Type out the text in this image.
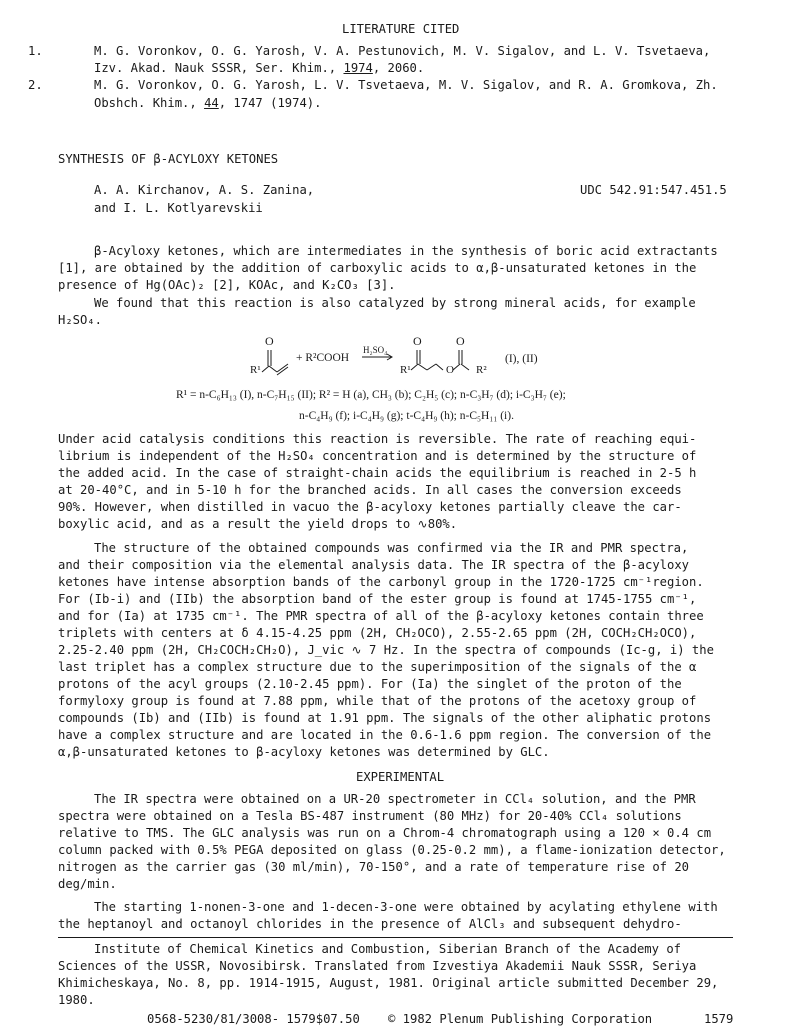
LITERATURE CITED
1.	M. G. Voronkov, O. G. Yarosh, V. A. Pestunovich, M. V. Sigalov, and L. V. Tsvetaeva,
Izv. Akad. Nauk SSSR, Ser. Khim., 1974, 2060.
2.	M. G. Voronkov, O. G. Yarosh, L. V. Tsvetaeva, M. V. Sigalov, and R. A. Gromkova, Zh.
Obshch. Khim., 44, 1747 (1974).
SYNTHESIS OF β-ACYLOXY KETONES
A. A. Kirchanov, A. S. Zanina,
and I. L. Kotlyarevskii
UDC 542.91:547.451.5
β-Acyloxy ketones, which are intermediates in the synthesis of boric acid extractants
[1], are obtained by the addition of carboxylic acids to α,β-unsaturated ketones in the
presence of Hg(OAc)₂ [2], KOAc, and K₂CO₃ [3].
We found that this reaction is also catalyzed by strong mineral acids, for example
H₂SO₄.
O	O	O
R¹	R¹	O R²
+ R²COOH
H₂SO₄
(I), (II)
R¹ = n-C₆H₁₃ (I), n-C₇H₁₅ (II); R² = H (a), CH₃ (b); C₂H₅ (c); n-C₃H₇ (d); i-C₃H₇ (e);
n-C₄H₉ (f); i-C₄H₉ (g); t-C₄H₉ (h); n-C₅H₁₁ (i).
Under acid catalysis conditions this reaction is reversible. The rate of reaching equi-
librium is independent of the H₂SO₄ concentration and is determined by the structure of
the added acid. In the case of straight-chain acids the equilibrium is reached in 2-5 h
at 20-40°C, and in 5-10 h for the branched acids. In all cases the conversion exceeds
90%. However, when distilled in vacuo the β-acyloxy ketones partially cleave the car-
boxylic acid, and as a result the yield drops to ∿80%.
The structure of the obtained compounds was confirmed via the IR and PMR spectra,
and their composition via the elemental analysis data. The IR spectra of the β-acyloxy
ketones have intense absorption bands of the carbonyl group in the 1720-1725 cm⁻¹region.
For (Ib-i) and (IIb) the absorption band of the ester group is found at 1745-1755 cm⁻¹,
and for (Ia) at 1735 cm⁻¹. The PMR spectra of all of the β-acyloxy ketones contain three
triplets with centers at δ 4.15-4.25 ppm (2H, CH₂OCO), 2.55-2.65 ppm (2H, COCH₂CH₂OCO),
2.25-2.40 ppm (2H, CH₂COCH₂CH₂O), J_vic ∿ 7 Hz. In the spectra of compounds (Ic-g, i) the
last triplet has a complex structure due to the superimposition of the signals of the α
protons of the acyl groups (2.10-2.45 ppm). For (Ia) the singlet of the proton of the
formyloxy group is found at 7.88 ppm, while that of the protons of the acetoxy group of
compounds (Ib) and (IIb) is found at 1.91 ppm. The signals of the other aliphatic protons
have a complex structure and are located in the 0.6-1.6 ppm region. The conversion of the
α,β-unsaturated ketones to β-acyloxy ketones was determined by GLC.
EXPERIMENTAL
The IR spectra were obtained on a UR-20 spectrometer in CCl₄ solution, and the PMR
spectra were obtained on a Tesla BS-487 instrument (80 MHz) for 20-40% CCl₄ solutions
relative to TMS. The GLC analysis was run on a Chrom-4 chromatograph using a 120 × 0.4 cm
column packed with 0.5% PEGA deposited on glass (0.25-0.2 mm), a flame-ionization detector,
nitrogen as the carrier gas (30 ml/min), 70-150°, and a rate of temperature rise of 20
deg/min.
The starting 1-nonen-3-one and 1-decen-3-one were obtained by acylating ethylene with
the heptanoyl and octanoyl chlorides in the presence of AlCl₃ and subsequent dehydro-
Institute of Chemical Kinetics and Combustion, Siberian Branch of the Academy of
Sciences of the USSR, Novosibirsk. Translated from Izvestiya Akademii Nauk SSSR, Seriya
Khimicheskaya, No. 8, pp. 1914-1915, August, 1981. Original article submitted December 29,
1980.
0568-5230/81/3008- 1579$07.50 © 1982 Plenum Publishing Corporation	1579
